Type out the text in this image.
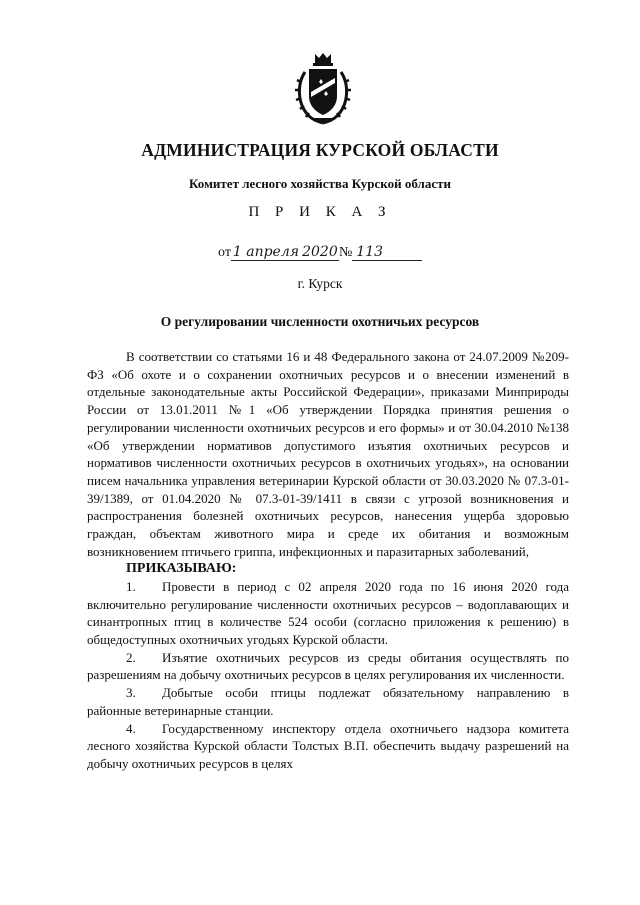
АДМИНИСТРАЦИЯ КУРСКОЙ ОБЛАСТИ
Комитет лесного хозяйства Курской области
П Р И К А З
от 1 апреля 2020№ 113
г. Курск
О регулировании численности охотничьих ресурсов

В соответствии со статьями 16 и 48 Федерального закона от 24.07.2009 №209-ФЗ «Об охоте и о сохранении охотничьих ресурсов и о внесении изменений в отдельные законодательные акты Российской Федерации», приказами Минприроды России от 13.01.2011 №1 «Об утверждении Порядка принятия решения о регулировании численности охотничьих ресурсов и его формы» и от 30.04.2010 №138 «Об утверждении нормативов допустимого изъятия охотничьих ресурсов и нормативов численности охотничьих ресурсов в охотничьих угодьях», на основании писем начальника управления ветеринарии Курской области от 30.03.2020 № 07.3-01-39/1389, от 01.04.2020 № 07.3-01-39/1411 в связи с угрозой возникновения и распространения болезней охотничьих ресурсов, нанесения ущерба здоровью граждан, объектам животного мира и среде их обитания и возможным возникновением птичьего гриппа, инфекционных и паразитарных заболеваний,

ПРИКАЗЫВАЮ:

1. Провести в период с 02 апреля 2020 года по 16 июня 2020 года включительно регулирование численности охотничьих ресурсов – водоплавающих и синантропных птиц в количестве 524 особи (согласно приложения к решению) в общедоступных охотничьих угодьях Курской области.

2. Изъятие охотничьих ресурсов из среды обитания осуществлять по разрешениям на добычу охотничьих ресурсов в целях регулирования их численности.

3. Добытые особи птицы подлежат обязательному направлению в районные ветеринарные станции.

4. Государственному инспектору отдела охотничьего надзора комитета лесного хозяйства Курской области Толстых В.П. обеспечить выдачу разрешений на добычу охотничьих ресурсов в целях
